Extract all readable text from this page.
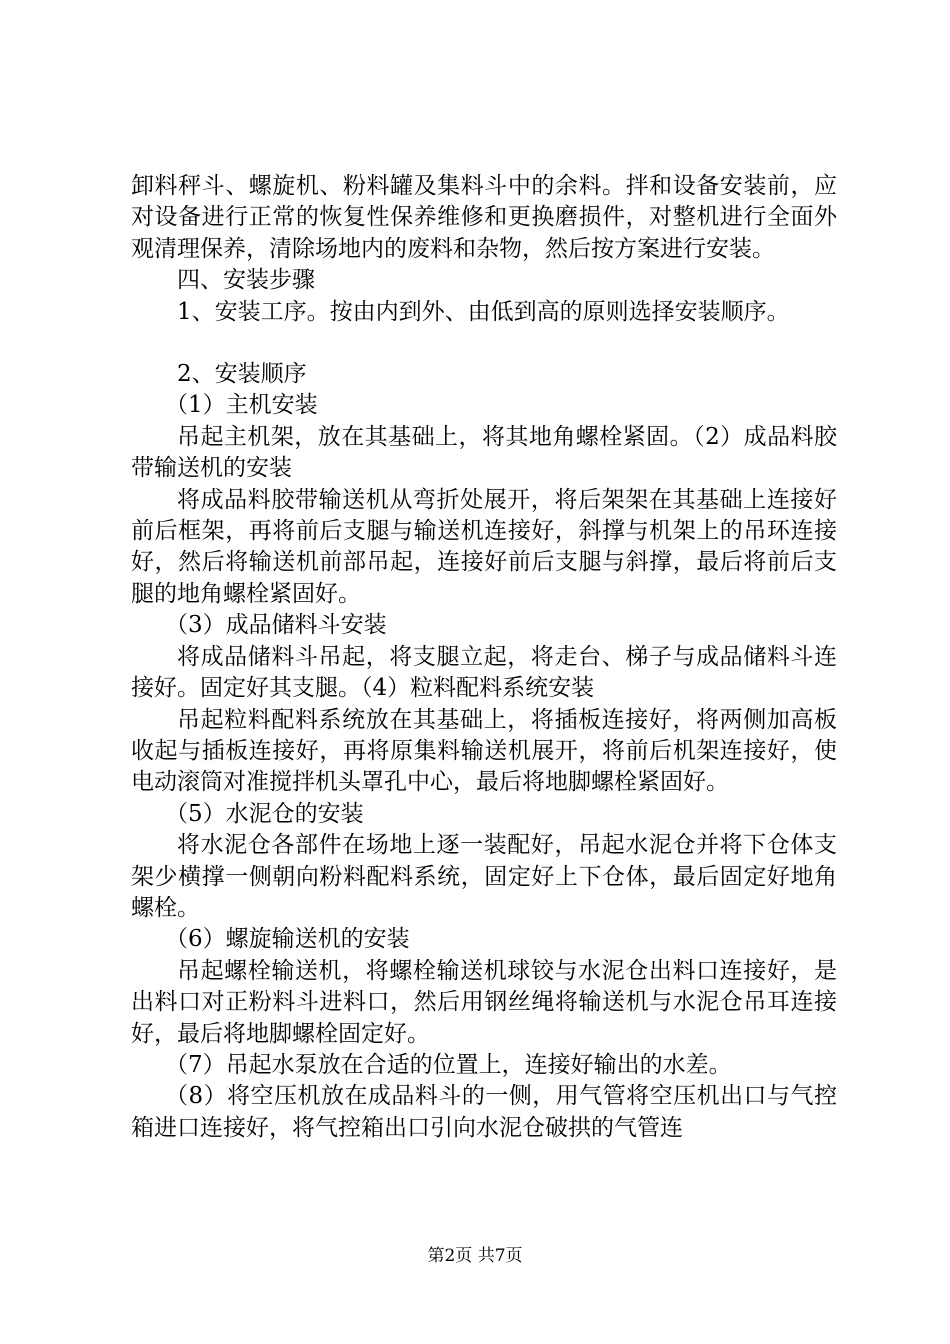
卸料秤斗、螺旋机、粉料罐及集料斗中的余料。拌和设备安装前，应对设备进行正常的恢复性保养维修和更换磨损件，对整机进行全面外观清理保养，清除场地内的废料和杂物，然后按方案进行安装。

四、安装步骤

1、安装工序。按由内到外、由低到高的原则选择安装顺序。

2、安装顺序

（1）主机安装

吊起主机架，放在其基础上，将其地角螺栓紧固。（2）成品料胶带输送机的安装

将成品料胶带输送机从弯折处展开，将后架架在其基础上连接好前后框架，再将前后支腿与输送机连接好，斜撑与机架上的吊环连接好，然后将输送机前部吊起，连接好前后支腿与斜撑，最后将前后支腿的地角螺栓紧固好。

（3）成品储料斗安装

将成品储料斗吊起，将支腿立起，将走台、梯子与成品储料斗连接好。固定好其支腿。（4）粒料配料系统安装

吊起粒料配料系统放在其基础上，将插板连接好，将两侧加高板收起与插板连接好，再将原集料输送机展开，将前后机架连接好，使电动滚筒对准搅拌机头罩孔中心，最后将地脚螺栓紧固好。

（5）水泥仓的安装

将水泥仓各部件在场地上逐一装配好，吊起水泥仓并将下仓体支架少横撑一侧朝向粉料配料系统，固定好上下仓体，最后固定好地角螺栓。

（6）螺旋输送机的安装

吊起螺栓输送机，将螺栓输送机球铰与水泥仓出料口连接好，是出料口对正粉料斗进料口，然后用钢丝绳将输送机与水泥仓吊耳连接好，最后将地脚螺栓固定好。

（7）吊起水泵放在合适的位置上，连接好输出的水差。

（8）将空压机放在成品料斗的一侧，用气管将空压机出口与气控箱进口连接好，将气控箱出口引向水泥仓破拱的气管连

第2页 共7页
